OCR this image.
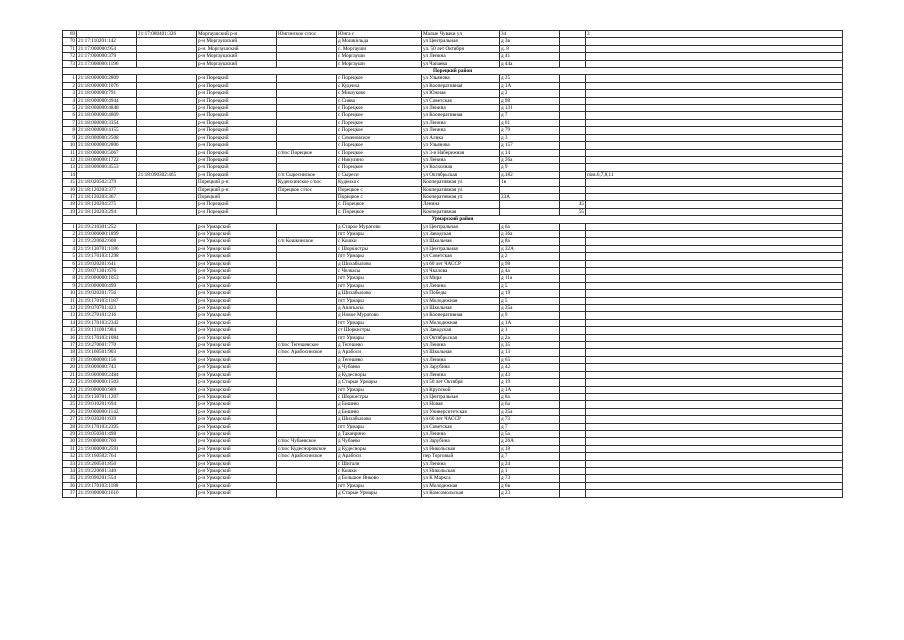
69		21:17:080401:326	Моргаушский р-н	Юнгинское с/пос	Юнга с	Малые Чуваки ул	34		3
70	21:17:110201:142		р-н Моргаушский		д Мошкильда	ул Центральная	д 3в		
71	21:17:000000:954		р-н. Моргаушский		с. Моргауши	ул. 50 лет Октября	д. 8		
72	21:17:000000:379		р-н Моргаушский		с Моргауши	ул Ленина	д 41		
73	21:17:000000:1196		р-н Моргаушский		с Моргауши	ул Чапаева	д 44а		
Порецкий район									
1	21:18:000000:2809		р-н Порецкий		с Порецкое	ул Ульянова	д 25		
2	21:18:000000:1076		р-н Порецкий		с Кудеиха	ул Кооперативная	д 1А		
3	21:18:000000:791		р-н Порецкий		с Мишуково	ул Южная	д 2		
4	21:18:000000:4944		р-н Порецкий		с Сиява	ул Советская	д 98		
5	21:18:000000:4848		р-н Порецкий		с Порецкое	ул Ленина	д 131		
6	21:18:000000:4809		р-н Порецкий		с Порецкое	ул Кооперативная	д 7		
7	21:18:000000:3354		р-н Порецкий		с Порецкое	ул Ленина	д 61		
8	21:18:000000:4155		р-н Порецкий		с Порецкое	ул Ленина	д 79		
9	21:18:000000:2508		р-н Порецкий		с Семеновское	ул Алика	д 3		
10	21:18:000000:2806		р-н Порецкий		с Порецкое	ул Ульянова	д 157		
11	21:18:000000:5067		р-н Порецкий	с/пос Порецкое	с Порецкое	ул 3-я Набережная	д 14		
12	21:18:000000:1722		р-н Порецкий		с Никулино	ул Ленина	д 26а		
13	21:18:000000:4553		р-н Порецкий		с Порецкое	ул Колхозная	д 9		
14		21:18:090302:465	р-н Порецкий	с/п Сыресинское	с Сыреси	ул Октябрьская	д.182		пом.6,7,8,11
15	21:18:020502:379		Порецкий р-н	Кудеихинское с/пос	Кудеиха с	Кооперативная ул	1в		
16	21:18:120203:377		Порецкий р-н	Порецкое с/пос	Порецкое с	Кооперативная ул			
17	21:18:120203:367		Порецкий		Порецкое с	Кооперативная ул	23А		
18	21:18:120204:275		р-н Порецкий		с. Порецкое	Ленина		45	
19	21:18:120203:294		р-н Порецкий		с. Порецкое	Кооперативная		55	
Урмарский район									
1	21:19:210301:252		р-н Урмарский		д Старое Муратово	ул Центральная	д 6а		
2	21:19:000000:1899		р-н Урмарский		пгт Урмары	ул Заводская	д 36а		
3	21:19:220602:608		р-н Урмарский	с/п Кошкинское	с Кошки	ул Школьная	д 8а		
4	21:19:130701:1186		р-н Урмарский		с Шоркистры	ул Центральная	д 32А		
5	21:19:170103:1298		р-н Урмарский		пгт Урмары	ул Советская	д 2		
6	21:19:020201:641		р-н Урмарский		д Шихабылово	ул 60 лет ЧАССР	д 98		
7	21:19:071301:676		р-н Урмарский		с Челкасы	ул Чкалова	д 4а		
8	21:19:000000:1053		р-н Урмарский		пгт Урмары	ул Мира	д 11а		
9	21:19:000000:499		р-н Урмарский		пгт Урмары	ул Ленина	д 5		
10	21:19:020201:756		р-н Урмарский		д Шихабылово	ул Победы	д 19		
11	21:19:170103:1187		р-н Урмарский		пгт Урмары	ул Молодежная	д 5		
12	21:19:070701:423		р-н Урмарский		д Анаткасы	ул Школьная	д 35а		
13	21:19:270101:216		р-н Урмарский		д Новое Муратово	ул Кооперативная	д 9		
14	21:19:170103:2342		р-н Урмарский		пгт Урмары	ул Молодежная	д 1А		
15	21:19:131001:984		р-н Урмарский		ст Шоркистры	ул Заводская	д 1		
16	21:19:170103:1084		р-н Урмарский		пгт Урмары	ул Октябрьская	д 2а		
17	21:19:270601:770		р-н Урмарский	с/пос Тегешевское	д Тегешево	ул Ленина	д 35		
18	21:19:160501:903		р-н Урмарский	с/пос Арабосинское	д Арабоси	ул Школьная	д 13		
19	21:19:000000:156		р-н Урмарский		д Тегешево	ул Ленина	д 65		
20	21:19:000000:743		р-н Урмарский		д Чубаево	ул Зарубина	д 42		
21	21:19:000000:2484		р-н Урмарский		д Кудесноры	ул Ленина	д 43		
22	21:19:000000:1503		р-н Урмарский		д Старые Урмары	ул 50 лет Октября	д 19		
23	21:19:000000:989		р-н Урмарский		пгт Урмары	ул Крупской	д 1А		
24	21:19:130701:1207		р-н Урмарский		с Шоркистры	ул Центральная	д 8а		
25	21:19:010201:694		р-н Урмарский		д Бишево	ул Новая	д 6а		
26	21:19:000000:1142		р-н Урмарский		д Бишево	ул Университетская	д 35а		
27	21:19:020201:639		р-н Урмарский		д Шихабылово	ул 60 лет ЧАССР	д 73		
28	21:19:170103:2395		р-н Урмарский		пгт Урмары	ул Советская	д 7		
29	21:19:050301:498		р-н Урмарский		д Таканрино	ул Ленина	д 5а		
30	21:19:000000:760		р-н Урмарский	с/пос Чубаевское	д Чубаево	ул Зарубина	д 26А		
31	21:19:000000:2591		р-н Урмарский	с/пос Кудесноровское	д Кудесноры	ул Никольская	д 18		
32	21:19:160502:764		р-н Урмарский	с/пос Арабосинское	д Арабоси	пер Торговый	д 7		
33	21:19:260501:850		р-н Урмарский		с Шигали	ул Ленина	д 24		
34	21:19:220601:340		р-н Урмарский		с Кошки	ул Никольская	д 1		
35	21:19:090201:554		р-н Урмарский		д Большое Янково	ул К Маркса	д 73		
36	21:19:170103:1188		р-н Урмарский		пгт Урмары	ул Молодежная	д 6в		
37	21:19:000000:1616		р-н Урмарский		д Старые Урмары	ул Комсомольская	д 23		
